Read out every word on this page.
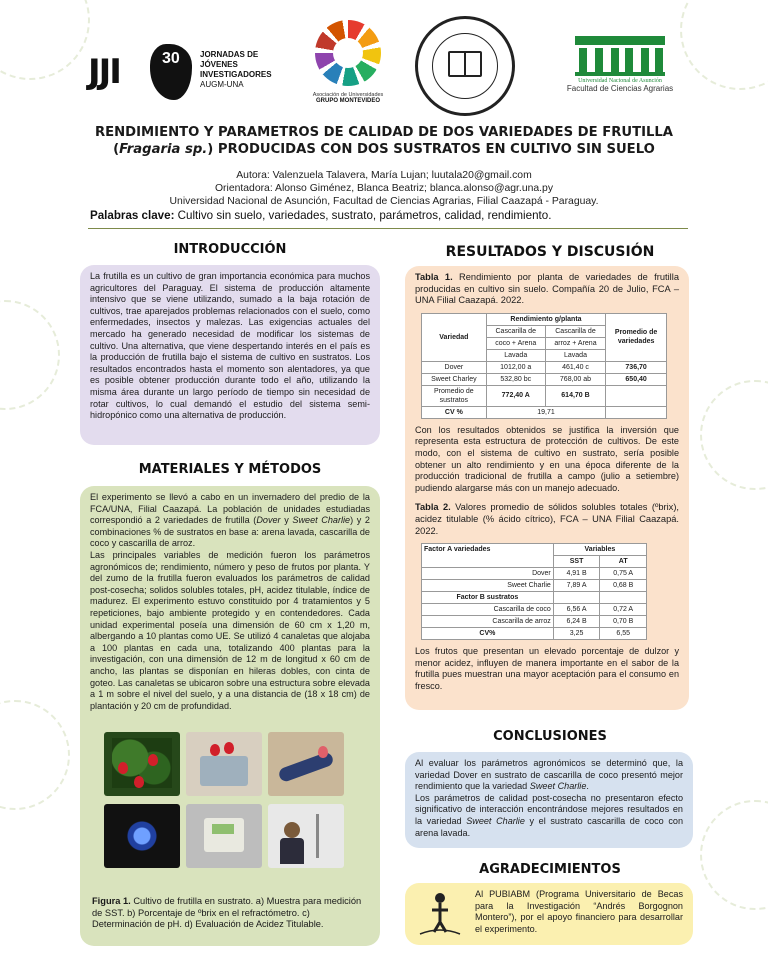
JJI	30	JORNADAS DE
JÓVENES
INVESTIGADORES
AUGM-UNA
Asociación de Universidades
GRUPO MONTEVIDEO
Universidad Nacional de Asunción
Facultad de Ciencias Agrarias
RENDIMIENTO Y PARAMETROS DE CALIDAD DE DOS VARIEDADES DE FRUTILLA
(Fragaria sp.) PRODUCIDAS CON DOS SUSTRATOS EN CULTIVO SIN SUELO
Autora: Valenzuela Talavera, María Lujan; luutala20@gmail.com
Orientadora: Alonso Giménez, Blanca Beatriz; blanca.alonso@agr.una.py
Universidad Nacional de Asunción, Facultad de Ciencias Agrarias, Filial Caazapá - Paraguay.
Palabras clave: Cultivo sin suelo, variedades, sustrato, parámetros, calidad, rendimiento.
INTRODUCCIÓN

La frutilla es un cultivo de gran importancia económica para muchos agricultores del Paraguay. El sistema de producción altamente intensivo que se viene utilizando, sumado a la baja rotación de cultivos, trae aparejados problemas relacionados con el suelo, como enfermedades, insectos y malezas. Las exigencias actuales del mercado ha generado necesidad de modificar los sistemas de cultivo. Una alternativa, que viene despertando interés en el país es la producción de frutilla bajo el sistema de cultivo en sustratos. Los resultados encontrados hasta el momento son alentadores, ya que es posible obtener producción durante todo el año, utilizando la misma área durante un largo período de tiempo sin necesidad de rotar cultivos, lo cual demandó el estudio del sistema semi-hidropónico como una alternativa de producción.

MATERIALES Y MÉTODOS

El experimento se llevó a cabo en un invernadero del predio de la FCA/UNA, Filial Caazapá. La población de unidades estudiadas correspondió a 2 variedades de frutilla (Dover y Sweet Charlie) y 2 combinaciones % de sustratos en base a: arena lavada, cascarilla de coco y cascarilla de arroz.

Las principales variables de medición fueron los parámetros agronómicos de; rendimiento, número y peso de frutos por planta. Y del zumo de la frutilla fueron evaluados los parámetros de calidad post-cosecha; solidos solubles totales, pH, acidez titulable, índice de madurez. El experimento estuvo constituido por 4 tratamientos y 5 repeticiones, bajo ambiente protegido y en contendedores. Cada unidad experimental poseía una dimensión de 60 cm x 1,20 m, albergando a 10 plantas como UE. Se utilizó 4 canaletas que alojaba a 100 plantas en cada una, totalizando 400 plantas para la investigación, con una dimensión de 12 m de longitud x 60 cm de ancho, las plantas se disponían en hileras dobles, con cinta de goteo. Las canaletas se ubicaron sobre una estructura sobre elevada a 1 m sobre el nivel del suelo, y a una distancia de (18 x 18 cm) de plantación y 20 cm de profundidad.

Figura 1. Cultivo de frutilla en sustrato. a) Muestra para medición de SST. b) Porcentaje de ºbrix en el refractómetro. c) Determinación de pH. d) Evaluación de Acidez Titulable.
RESULTADOS Y DISCUSIÓN
Tabla 1. Rendimiento por planta de variedades de frutilla producidas en cultivo sin suelo. Compañía 20 de Julio, FCA – UNA Filial Caazapá. 2022.
Variedad	Rendimiento g/planta		Promedio de
variedades
	Cascarilla de	Cascarilla de	
	coco + Arena	arroz + Arena	
	Lavada	Lavada	
Dover	1012,00 a	461,40 c	736,70
Sweet Charley	532,80 bc	768,00 ab	650,40
Promedio de
sustratos	772,40 A	614,70 B	
CV %	19,71		

Con los resultados obtenidos se justifica la inversión que representa esta estructura de protección de cultivos. De este modo, con el sistema de cultivo en sustrato, sería posible obtener un alto rendimiento y en una época diferente de la producción tradicional de frutilla a campo (julio a setiembre) pudiendo alargarse más con un manejo adecuado.

Tabla 2. Valores promedio de sólidos solubles totales (ºbrix), acidez titulable (% ácido cítrico), FCA – UNA Filial Caazapá. 2022.
Factor A variedades	Variables	
	SST	AT
Dover	4,91 B	0,75 A
Sweet Charlie	7,89 A	0,68 B
Factor B sustratos		
Cascarilla de coco	6,56 A	0,72 A
Cascarilla de arroz	6,24 B	0,70 B
CV%	3,25	6,55

Los frutos que presentan un elevado porcentaje de dulzor y menor acidez, influyen de manera importante en el sabor de la frutilla pues muestran una mayor aceptación para el consumo en fresco.

CONCLUSIONES

Al evaluar los parámetros agronómicos se determinó que, la variedad Dover en sustrato de cascarilla de coco presentó mejor rendimiento que la variedad Sweet Charlie.

Los parámetros de calidad post-cosecha no presentaron efecto significativo de interacción encontrándose mejores resultados en la variedad Sweet Charlie y el sustrato cascarilla de coco con arena lavada.

AGRADECIMIENTOS

Al PUBIABM (Programa Universitario de Becas para la Investigación “Andrés Borgognon Montero”), por el apoyo financiero para desarrollar el experimento.
